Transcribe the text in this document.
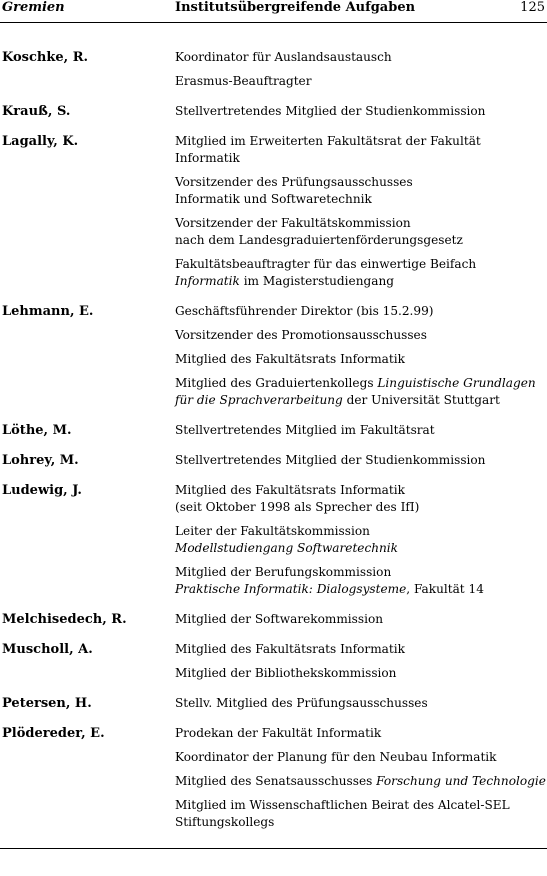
Gremien	Institutsübergreifende Aufgaben	125
Koschke, R.	Koordinator für Auslandsaustausch
Erasmus-Beauftragter
Krauß, S.	Stellvertretendes Mitglied der Studienkommission
Lagally, K.	Mitglied im Erweiterten Fakultätsrat der Fakultät
Informatik
Vorsitzender des Prüfungsausschusses
Informatik und Softwaretechnik
Vorsitzender der Fakultätskommission
nach dem Landesgraduiertenförderungsgesetz
Fakultätsbeauftragter für das einwertige Beifach
Informatik im Magisterstudiengang
Lehmann, E.	Geschäftsführender Direktor (bis 15.2.99)
Vorsitzender des Promotionsausschusses
Mitglied des Fakultätsrats Informatik
Mitglied des Graduiertenkollegs Linguistische Grundlagen
für die Sprachverarbeitung der Universität Stuttgart
Löthe, M.	Stellvertretendes Mitglied im Fakultätsrat
Lohrey, M.	Stellvertretendes Mitglied der Studienkommission
Ludewig, J.	Mitglied des Fakultätsrats Informatik
(seit Oktober 1998 als Sprecher des IfI)
Leiter der Fakultätskommission
Modellstudiengang Softwaretechnik
Mitglied der Berufungskommission
Praktische Informatik: Dialogsysteme, Fakultät 14
Melchisedech, R.	Mitglied der Softwarekommission
Muscholl, A.	Mitglied des Fakultätsrats Informatik
Mitglied der Bibliothekskommission
Petersen, H.	Stellv. Mitglied des Prüfungsausschusses
Plödereder, E.	Prodekan der Fakultät Informatik
Koordinator der Planung für den Neubau Informatik
Mitglied des Senatsausschusses Forschung und Technologie
Mitglied im Wissenschaftlichen Beirat des Alcatel-SEL
Stiftungskollegs
